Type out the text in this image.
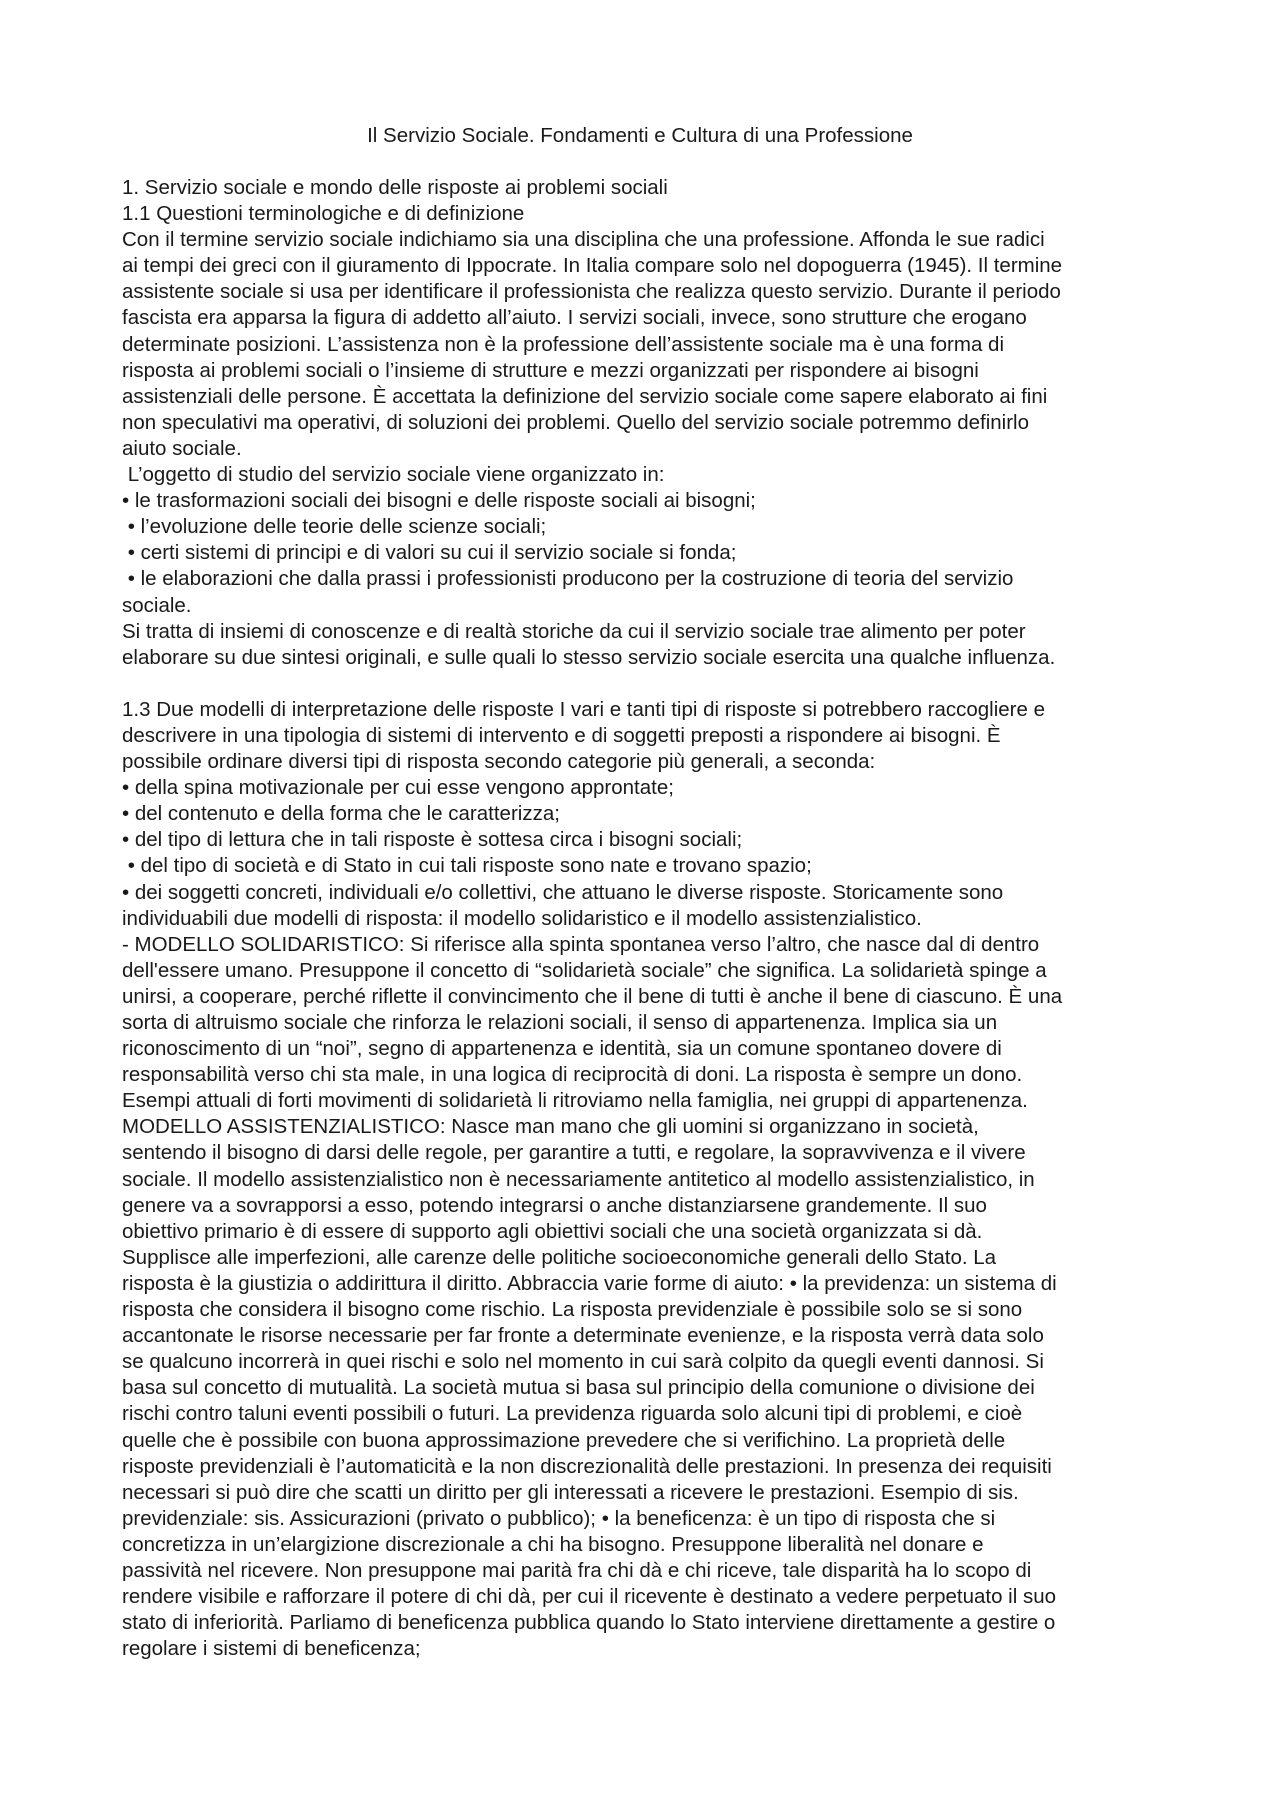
Il Servizio Sociale. Fondamenti e Cultura di una Professione
1. Servizio sociale e mondo delle risposte ai problemi sociali
1.1 Questioni terminologiche e di definizione
Con il termine servizio sociale indichiamo sia una disciplina che una professione. Affonda le sue radici
ai tempi dei greci con il giuramento di Ippocrate. In Italia compare solo nel dopoguerra (1945). Il termine
assistente sociale si usa per identificare il professionista che realizza questo servizio. Durante il periodo
fascista era apparsa la figura di addetto all’aiuto. I servizi sociali, invece, sono strutture che erogano
determinate posizioni. L’assistenza non è la professione dell’assistente sociale ma è una forma di
risposta ai problemi sociali o l’insieme di strutture e mezzi organizzati per rispondere ai bisogni
assistenziali delle persone. È accettata la definizione del servizio sociale come sapere elaborato ai fini
non speculativi ma operativi, di soluzioni dei problemi. Quello del servizio sociale potremmo definirlo
aiuto sociale.
L’oggetto di studio del servizio sociale viene organizzato in:
• le trasformazioni sociali dei bisogni e delle risposte sociali ai bisogni;
• l’evoluzione delle teorie delle scienze sociali;
• certi sistemi di principi e di valori su cui il servizio sociale si fonda;
• le elaborazioni che dalla prassi i professionisti producono per la costruzione di teoria del servizio
sociale.
Si tratta di insiemi di conoscenze e di realtà storiche da cui il servizio sociale trae alimento per poter
elaborare su due sintesi originali, e sulle quali lo stesso servizio sociale esercita una qualche influenza.
1.3 Due modelli di interpretazione delle risposte I vari e tanti tipi di risposte si potrebbero raccogliere e
descrivere in una tipologia di sistemi di intervento e di soggetti preposti a rispondere ai bisogni. È
possibile ordinare diversi tipi di risposta secondo categorie più generali, a seconda:
• della spina motivazionale per cui esse vengono approntate;
• del contenuto e della forma che le caratterizza;
• del tipo di lettura che in tali risposte è sottesa circa i bisogni sociali;
• del tipo di società e di Stato in cui tali risposte sono nate e trovano spazio;
• dei soggetti concreti, individuali e/o collettivi, che attuano le diverse risposte. Storicamente sono
individuabili due modelli di risposta: il modello solidaristico e il modello assistenzialistico.
- MODELLO SOLIDARISTICO: Si riferisce alla spinta spontanea verso l’altro, che nasce dal di dentro
dell'essere umano. Presuppone il concetto di “solidarietà sociale” che significa. La solidarietà spinge a
unirsi, a cooperare, perché riflette il convincimento che il bene di tutti è anche il bene di ciascuno. È una
sorta di altruismo sociale che rinforza le relazioni sociali, il senso di appartenenza. Implica sia un
riconoscimento di un “noi”, segno di appartenenza e identità, sia un comune spontaneo dovere di
responsabilità verso chi sta male, in una logica di reciprocità di doni. La risposta è sempre un dono.
Esempi attuali di forti movimenti di solidarietà li ritroviamo nella famiglia, nei gruppi di appartenenza.
MODELLO ASSISTENZIALISTICO: Nasce man mano che gli uomini si organizzano in società,
sentendo il bisogno di darsi delle regole, per garantire a tutti, e regolare, la sopravvivenza e il vivere
sociale. Il modello assistenzialistico non è necessariamente antitetico al modello assistenzialistico, in
genere va a sovrapporsi a esso, potendo integrarsi o anche distanziarsene grandemente. Il suo
obiettivo primario è di essere di supporto agli obiettivi sociali che una società organizzata si dà.
Supplisce alle imperfezioni, alle carenze delle politiche socioeconomiche generali dello Stato. La
risposta è la giustizia o addirittura il diritto. Abbraccia varie forme di aiuto: • la previdenza: un sistema di
risposta che considera il bisogno come rischio. La risposta previdenziale è possibile solo se si sono
accantonate le risorse necessarie per far fronte a determinate evenienze, e la risposta verrà data solo
se qualcuno incorrerà in quei rischi e solo nel momento in cui sarà colpito da quegli eventi dannosi. Si
basa sul concetto di mutualità. La società mutua si basa sul principio della comunione o divisione dei
rischi contro taluni eventi possibili o futuri. La previdenza riguarda solo alcuni tipi di problemi, e cioè
quelle che è possibile con buona approssimazione prevedere che si verifichino. La proprietà delle
risposte previdenziali è l’automaticità e la non discrezionalità delle prestazioni. In presenza dei requisiti
necessari si può dire che scatti un diritto per gli interessati a ricevere le prestazioni. Esempio di sis.
previdenziale: sis. Assicurazioni (privato o pubblico); • la beneficenza: è un tipo di risposta che si
concretizza in un’elargizione discrezionale a chi ha bisogno. Presuppone liberalità nel donare e
passività nel ricevere. Non presuppone mai parità fra chi dà e chi riceve, tale disparità ha lo scopo di
rendere visibile e rafforzare il potere di chi dà, per cui il ricevente è destinato a vedere perpetuato il suo
stato di inferiorità. Parliamo di beneficenza pubblica quando lo Stato interviene direttamente a gestire o
regolare i sistemi di beneficenza;
